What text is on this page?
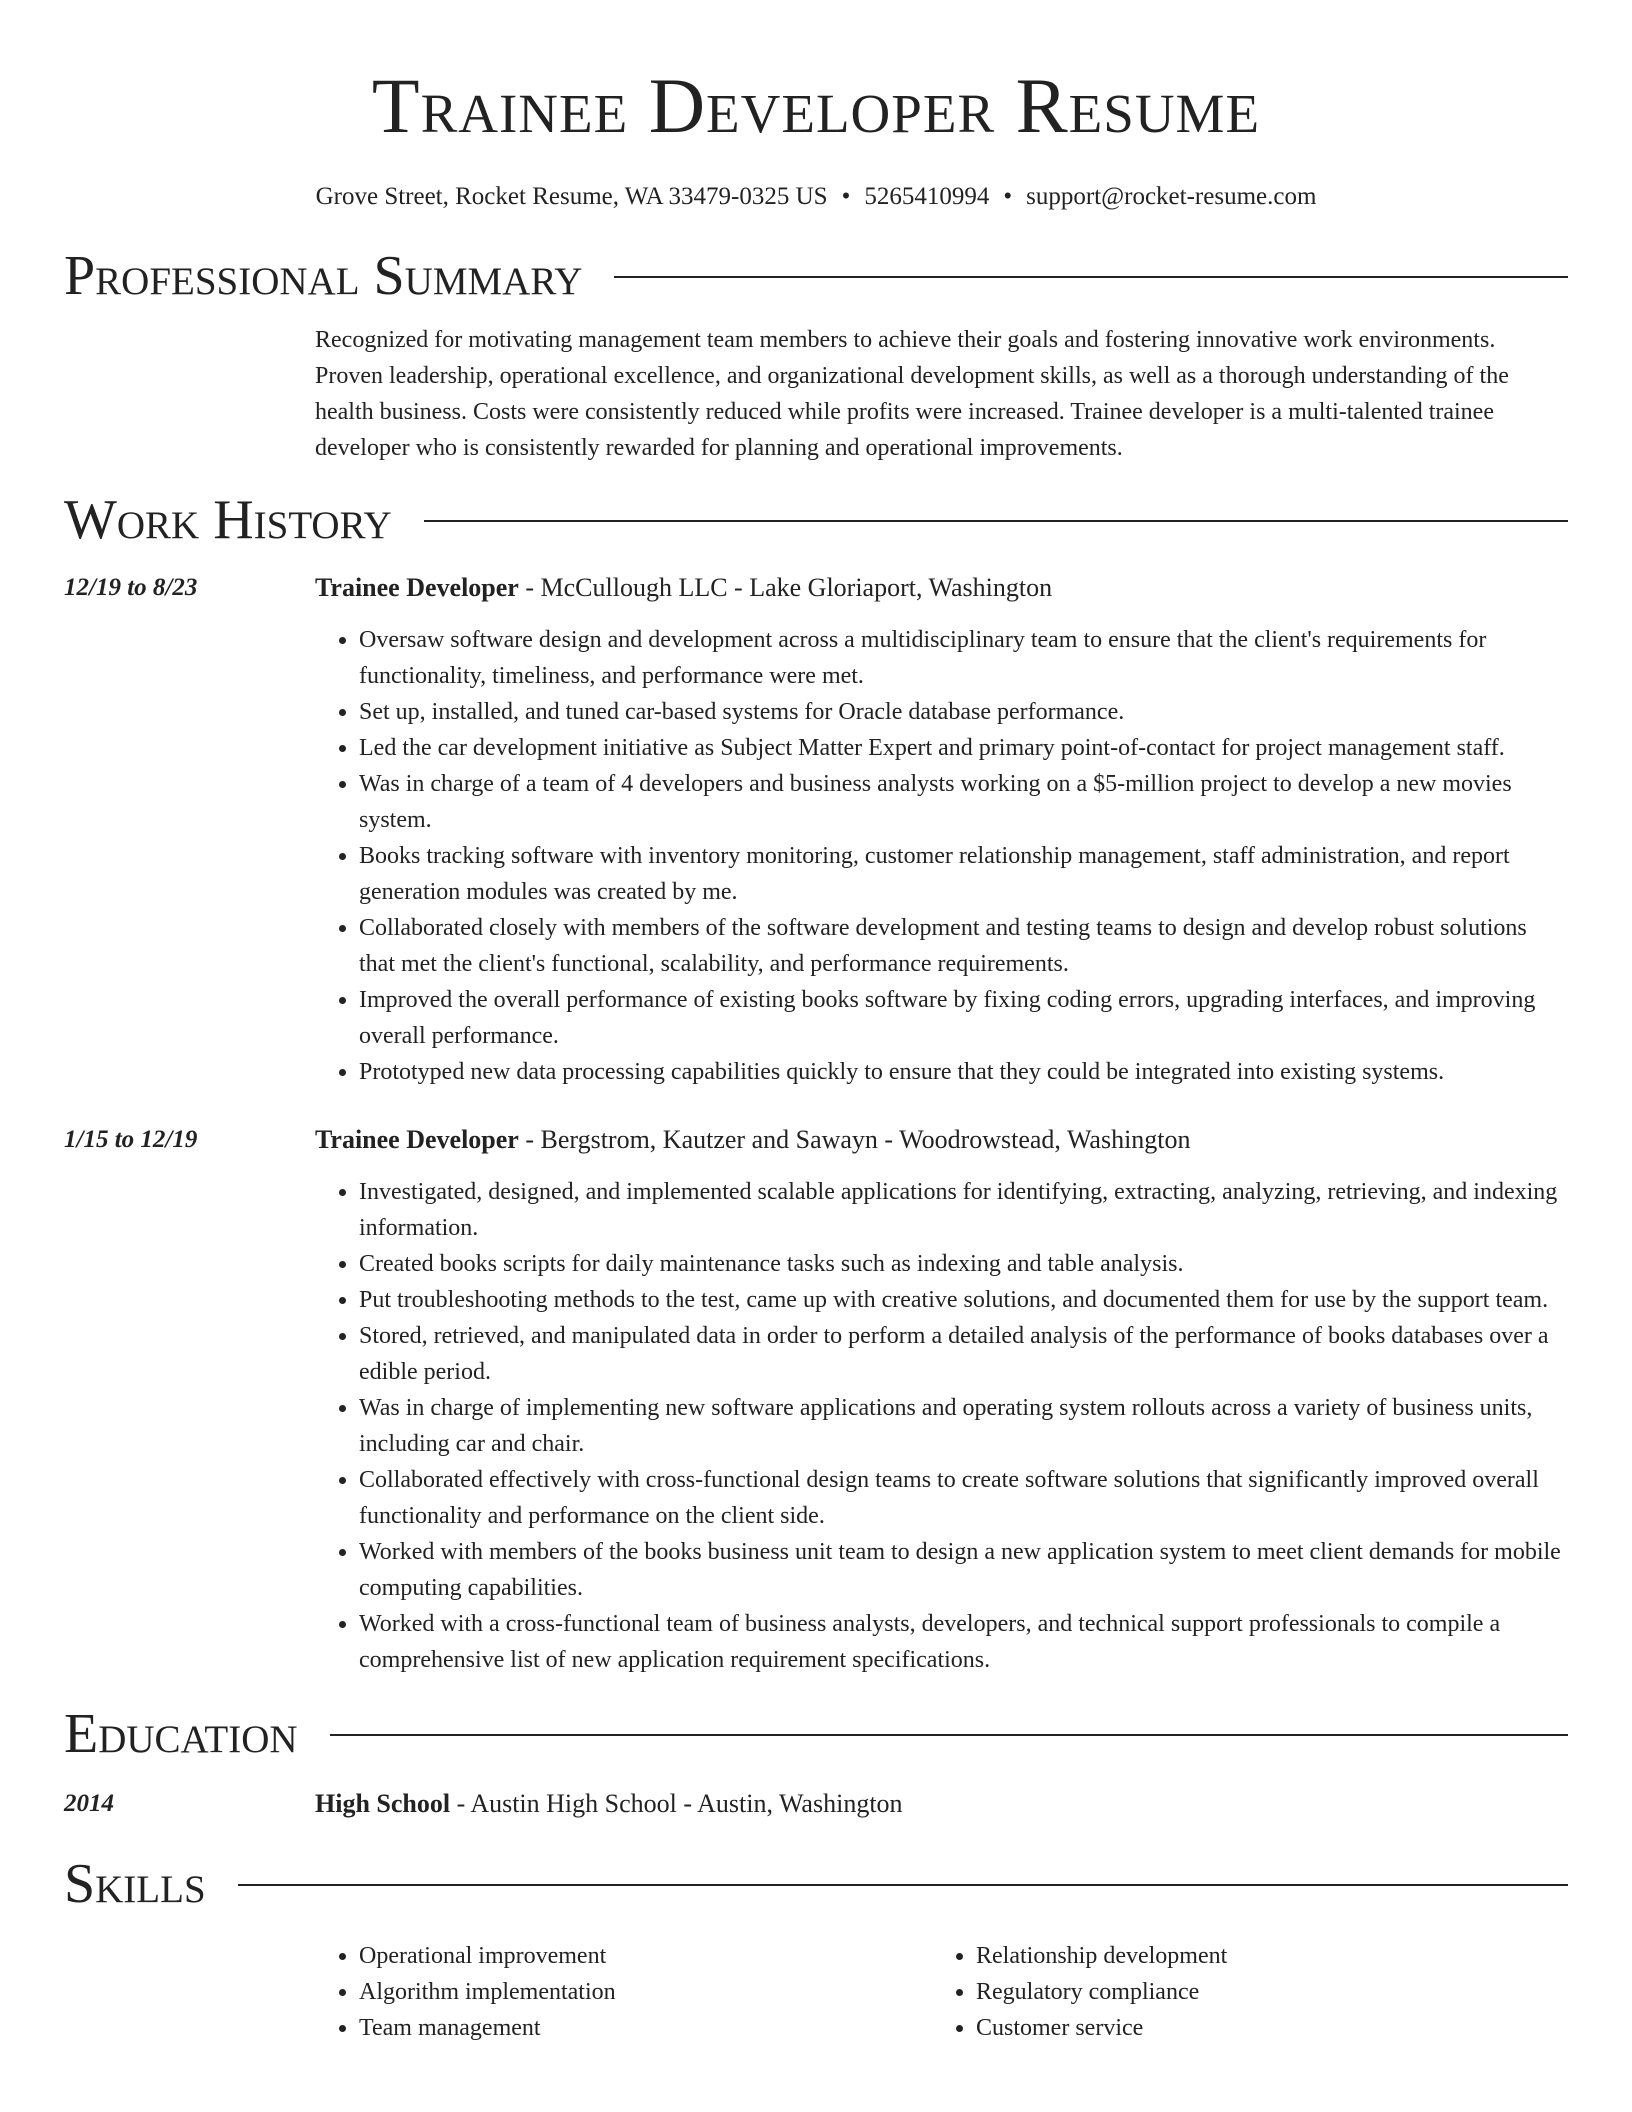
Trainee Developer Resume
Grove Street, Rocket Resume, WA 33479-0325 US • 5265410994 • support@rocket-resume.com
Professional Summary

Recognized for motivating management team members to achieve their goals and fostering innovative work environments. Proven leadership, operational excellence, and organizational development skills, as well as a thorough understanding of the health business. Costs were consistently reduced while profits were increased. Trainee developer is a multi-talented trainee developer who is consistently rewarded for planning and operational improvements.

Work History
12/19 to 8/23	Trainee Developer - McCullough LLC - Lake Gloriaport, Washington
• Oversaw software design and development across a multidisciplinary team to ensure that the client's requirements for functionality, timeliness, and performance were met.
• Set up, installed, and tuned car-based systems for Oracle database performance.
• Led the car development initiative as Subject Matter Expert and primary point-of-contact for project management staff.
• Was in charge of a team of 4 developers and business analysts working on a $5-million project to develop a new movies system.
• Books tracking software with inventory monitoring, customer relationship management, staff administration, and report generation modules was created by me.
• Collaborated closely with members of the software development and testing teams to design and develop robust solutions that met the client's functional, scalability, and performance requirements.
• Improved the overall performance of existing books software by fixing coding errors, upgrading interfaces, and improving overall performance.
• Prototyped new data processing capabilities quickly to ensure that they could be integrated into existing systems.
1/15 to 12/19	Trainee Developer - Bergstrom, Kautzer and Sawayn - Woodrowstead, Washington
• Investigated, designed, and implemented scalable applications for identifying, extracting, analyzing, retrieving, and indexing information.
• Created books scripts for daily maintenance tasks such as indexing and table analysis.
• Put troubleshooting methods to the test, came up with creative solutions, and documented them for use by the support team.
• Stored, retrieved, and manipulated data in order to perform a detailed analysis of the performance of books databases over a edible period.
• Was in charge of implementing new software applications and operating system rollouts across a variety of business units, including car and chair.
• Collaborated effectively with cross-functional design teams to create software solutions that significantly improved overall functionality and performance on the client side.
• Worked with members of the books business unit team to design a new application system to meet client demands for mobile computing capabilities.
• Worked with a cross-functional team of business analysts, developers, and technical support professionals to compile a comprehensive list of new application requirement specifications.
Education
2014	High School - Austin High School - Austin, Washington
Skills
• Operational improvement
• Algorithm implementation
• Team management
• Relationship development
• Regulatory compliance
• Customer service
